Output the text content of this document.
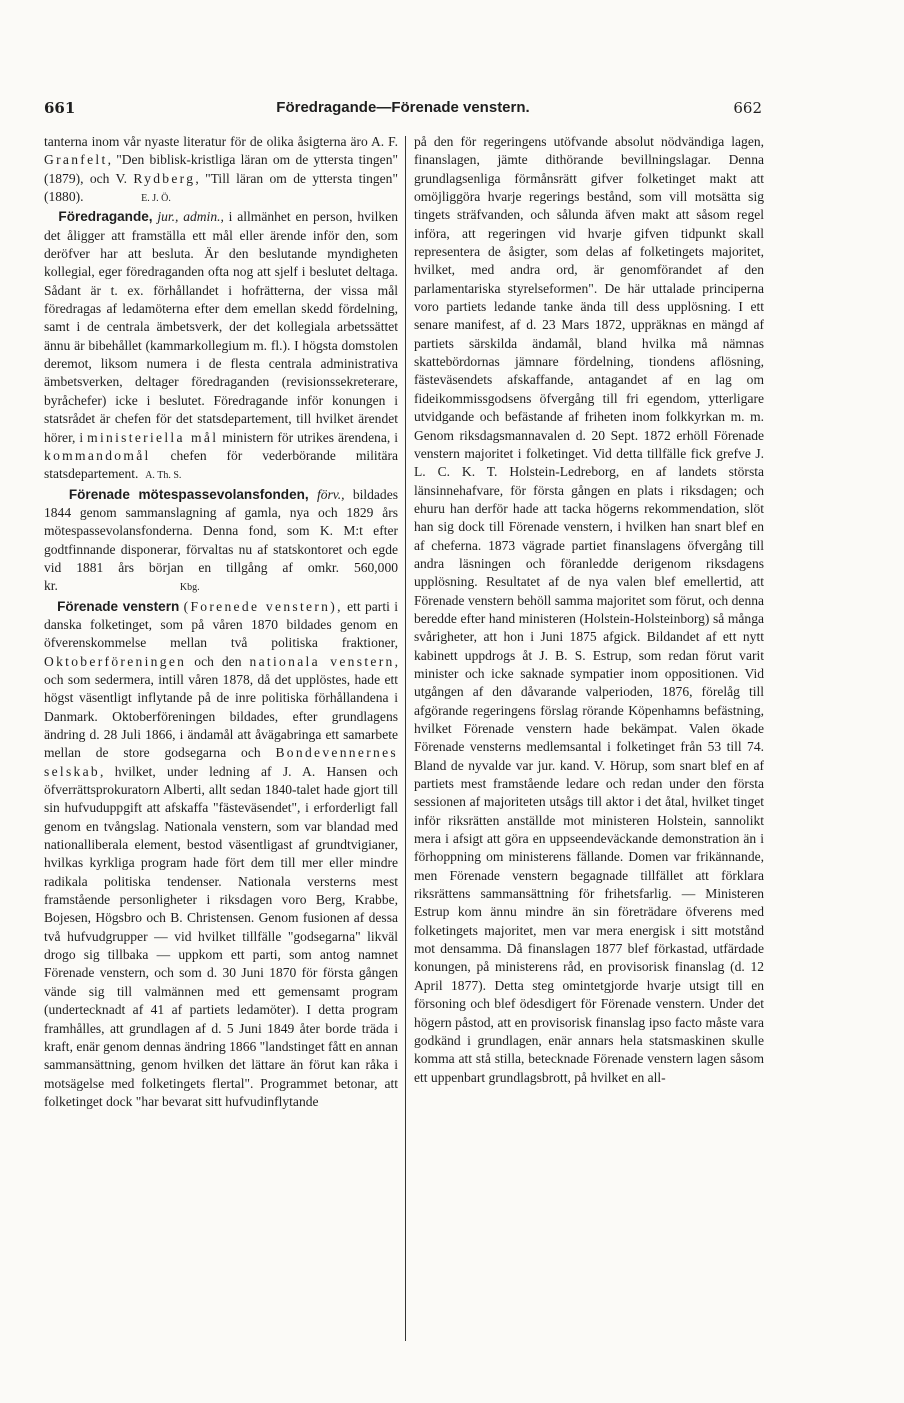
661	Föredragande—Förenade venstern.	662

tanterna inom vår nyaste literatur för de olika åsigterna äro A. F. Granfelt, "Den biblisk-kristliga läran om de yttersta tingen" (1879), och V. Rydberg, "Till läran om de yttersta tingen" (1880).	E. J. Ö.

Föredragande, jur., admin., i allmänhet en person, hvilken det åligger att framställa ett mål eller ärende inför den, som deröfver har att besluta. Är den beslutande myndigheten kollegial, eger föredraganden ofta nog att sjelf i beslutet deltaga. Sådant är t. ex. förhållandet i hofrätterna, der vissa mål föredragas af ledamöterna efter dem emellan skedd fördelning, samt i de centrala ämbetsverk, der det kollegiala arbetssättet ännu är bibehållet (kammarkollegium m. fl.). I högsta domstolen deremot, liksom numera i de flesta centrala administrativa ämbetsverken, deltager föredraganden (revisionssekreterare, byråchefer) icke i beslutet. Föredragande inför konungen i statsrådet är chefen för det statsdepartement, till hvilket ärendet hörer, i ministeriella mål ministern för utrikes ärendena, i kommandomål chefen för vederbörande militära statsdepartement. A. Th. S.

Förenade mötespassevolansfonden, förv., bildades 1844 genom sammanslagning af gamla, nya och 1829 års mötespassevolansfonderna. Denna fond, som K. M:t efter godtfinnande disponerar, förvaltas nu af statskontoret och egde vid 1881 års början en tillgång af omkr. 560,000 kr.	Kbg.

Förenade venstern (Forenede venstern), ett parti i danska folketinget, som på våren 1870 bildades genom en öfverenskommelse mellan två politiska fraktioner, Oktoberföreningen och den nationala venstern, och som sedermera, intill våren 1878, då det upplöstes, hade ett högst väsentligt inflytande på de inre politiska förhållandena i Danmark. Oktoberföreningen bildades, efter grundlagens ändring d. 28 Juli 1866, i ändamål att åvägabringa ett samarbete mellan de store godsegarna och Bondevennernes selskab, hvilket, under ledning af J. A. Hansen och öfverrättsprokuratorn Alberti, allt sedan 1840-talet hade gjort till sin hufvuduppgift att afskaffa "fästeväsendet", i erforderligt fall genom en tvångslag. Nationala venstern, som var blandad med nationalliberala element, bestod väsentligast af grundtvigianer, hvilkas kyrkliga program hade fört dem till mer eller mindre radikala politiska tendenser. Nationala versterns mest framstående personligheter i riksdagen voro Berg, Krabbe, Bojesen, Högsbro och B. Christensen. Genom fusionen af dessa två hufvudgrupper — vid hvilket tillfälle "godsegarna" likväl drogo sig tillbaka — uppkom ett parti, som antog namnet Förenade venstern, och som d. 30 Juni 1870 för första gången vände sig till valmännen med ett gemensamt program (undertecknadt af 41 af partiets ledamöter). I detta program framhålles, att grundlagen af d. 5 Juni 1849 åter borde träda i kraft, enär genom dennas ändring 1866 "landstinget fått en annan sammansättning, genom hvilken det lättare än förut kan råka i motsägelse med folketingets flertal". Programmet betonar, att folketinget dock "har bevarat sitt hufvudinflytande

på den för regeringens utöfvande absolut nödvändiga lagen, finanslagen, jämte dithörande bevillningslagar. Denna grundlagsenliga förmånsrätt gifver folketinget makt att omöjliggöra hvarje regerings bestånd, som vill motsätta sig tingets sträfvanden, och sålunda äfven makt att såsom regel införa, att regeringen vid hvarje gifven tidpunkt skall representera de åsigter, som delas af folketingets majoritet, hvilket, med andra ord, är genomförandet af den parlamentariska styrelseformen". De här uttalade principerna voro partiets ledande tanke ända till dess upplösning. I ett senare manifest, af d. 23 Mars 1872, uppräknas en mängd af partiets särskilda ändamål, bland hvilka må nämnas skattebördornas jämnare fördelning, tiondens aflösning, fästeväsendets afskaffande, antagandet af en lag om fideikommissgodsens öfvergång till fri egendom, ytterligare utvidgande och befästande af friheten inom folkkyrkan m. m. Genom riksdagsmannavalen d. 20 Sept. 1872 erhöll Förenade venstern majoritet i folketinget. Vid detta tillfälle fick grefve J. L. C. K. T. Holstein-Ledreborg, en af landets största länsinnehafvare, för första gången en plats i riksdagen; och ehuru han derför hade att tacka högerns rekommendation, slöt han sig dock till Förenade venstern, i hvilken han snart blef en af cheferna. 1873 vägrade partiet finanslagens öfvergång till andra läsningen och föranledde derigenom riksdagens upplösning. Resultatet af de nya valen blef emellertid, att Förenade venstern behöll samma majoritet som förut, och denna beredde efter hand ministeren (Holstein-Holsteinborg) så många svårigheter, att hon i Juni 1875 afgick. Bildandet af ett nytt kabinett uppdrogs åt J. B. S. Estrup, som redan förut varit minister och icke saknade sympatier inom oppositionen. Vid utgången af den dåvarande valperioden, 1876, förelåg till afgörande regeringens förslag rörande Köpenhamns befästning, hvilket Förenade venstern hade bekämpat. Valen ökade Förenade vensterns medlemsantal i folketinget från 53 till 74. Bland de nyvalde var jur. kand. V. Hörup, som snart blef en af partiets mest framstående ledare och redan under den första sessionen af majoriteten utsågs till aktor i det åtal, hvilket tinget inför riksrätten anställde mot ministeren Holstein, sannolikt mera i afsigt att göra en uppseendeväckande demonstration än i förhoppning om ministerens fällande. Domen var frikännande, men Förenade venstern begagnade tillfället att förklara riksrättens sammansättning för frihetsfarlig. — Ministeren Estrup kom ännu mindre än sin företrädare öfverens med folketingets majoritet, men var mera energisk i sitt motstånd mot densamma. Då finanslagen 1877 blef förkastad, utfärdade konungen, på ministerens råd, en provisorisk finanslag (d. 12 April 1877). Detta steg omintetgjorde hvarje utsigt till en försoning och blef ödesdigert för Förenade venstern. Under det högern påstod, att en provisorisk finanslag ipso facto måste vara godkänd i grundlagen, enär annars hela statsmaskinen skulle komma att stå stilla, betecknade Förenade venstern lagen såsom ett uppenbart grundlagsbrott, på hvilket en all-
